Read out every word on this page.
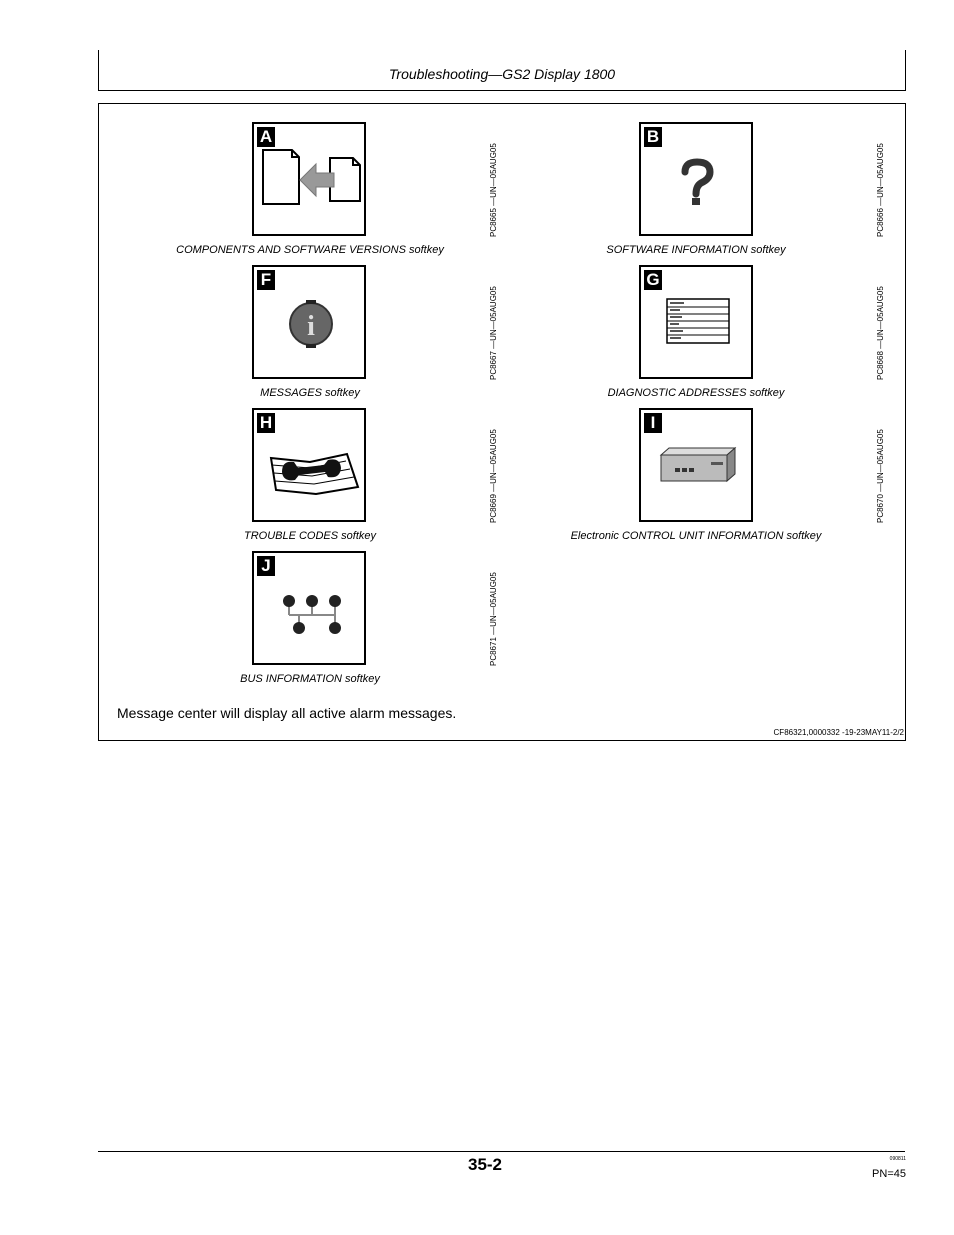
Troubleshooting—GS2 Display 1800
A
PC8665 —UN—05AUG05
COMPONENTS AND SOFTWARE VERSIONS softkey
B
PC8666 —UN—05AUG05
SOFTWARE INFORMATION softkey
F
i	PC8667 —UN—05AUG05
MESSAGES softkey
G
PC8668 —UN—05AUG05
DIAGNOSTIC ADDRESSES softkey
H
PC8669 —UN—05AUG05
TROUBLE CODES softkey
I
PC8670 —UN—05AUG05
Electronic CONTROL UNIT INFORMATION softkey
J
PC8671 —UN—05AUG05
BUS INFORMATION softkey
Message center will display all active alarm messages.
CF86321,0000332 -19-23MAY11-2/2
35-2	090811
PN=45
